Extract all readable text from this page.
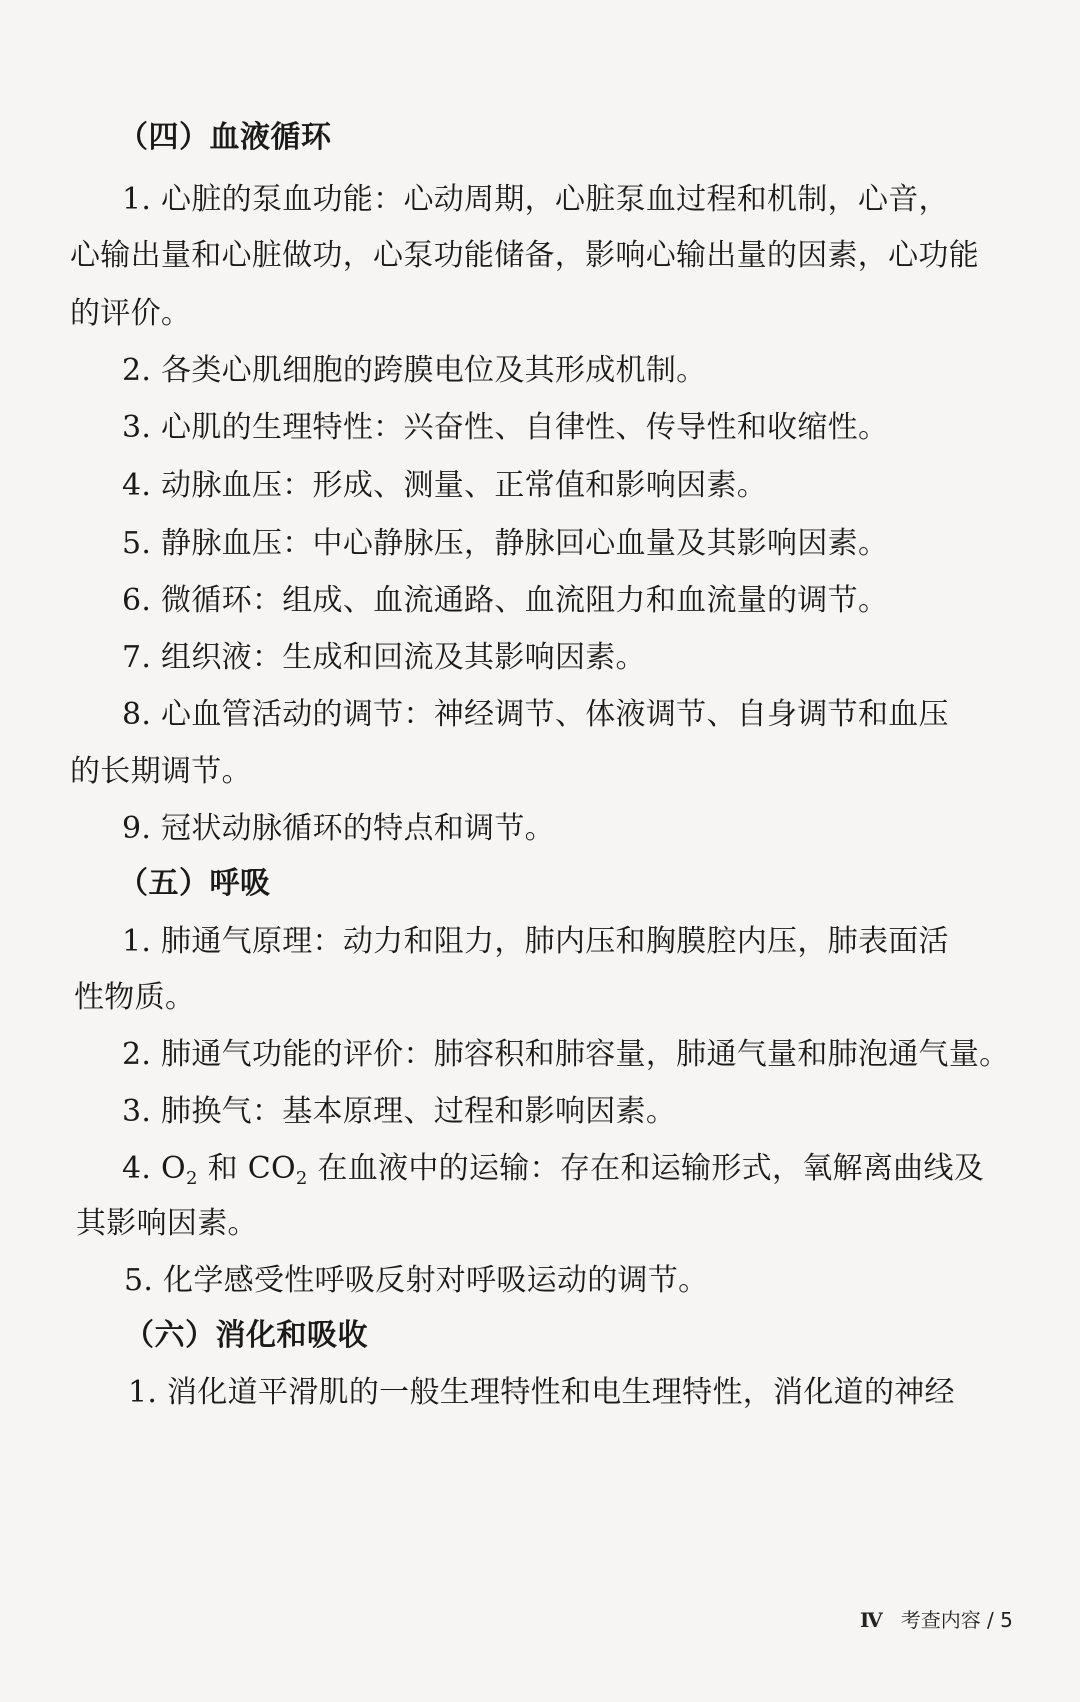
（四）血液循环
1. 心脏的泵血功能：心动周期，心脏泵血过程和机制，心音，
心输出量和心脏做功，心泵功能储备，影响心输出量的因素，心功能
的评价。
2. 各类心肌细胞的跨膜电位及其形成机制。
3. 心肌的生理特性：兴奋性、自律性、传导性和收缩性。
4. 动脉血压：形成、测量、正常值和影响因素。
5. 静脉血压：中心静脉压，静脉回心血量及其影响因素。
6. 微循环：组成、血流通路、血流阻力和血流量的调节。
7. 组织液：生成和回流及其影响因素。
8. 心血管活动的调节：神经调节、体液调节、自身调节和血压
的长期调节。
9. 冠状动脉循环的特点和调节。
（五）呼吸
1. 肺通气原理：动力和阻力，肺内压和胸膜腔内压，肺表面活
性物质。
2. 肺通气功能的评价：肺容积和肺容量，肺通气量和肺泡通气量。
3. 肺换气：基本原理、过程和影响因素。
4. $O_2$ 和 $CO_2$ 在血液中的运输：存在和运输形式，氧解离曲线及
其影响因素。
5. 化学感受性呼吸反射对呼吸运动的调节。
（六）消化和吸收
1. 消化道平滑肌的一般生理特性和电生理特性，消化道的神经
Ⅳ 考查内容 / 5
